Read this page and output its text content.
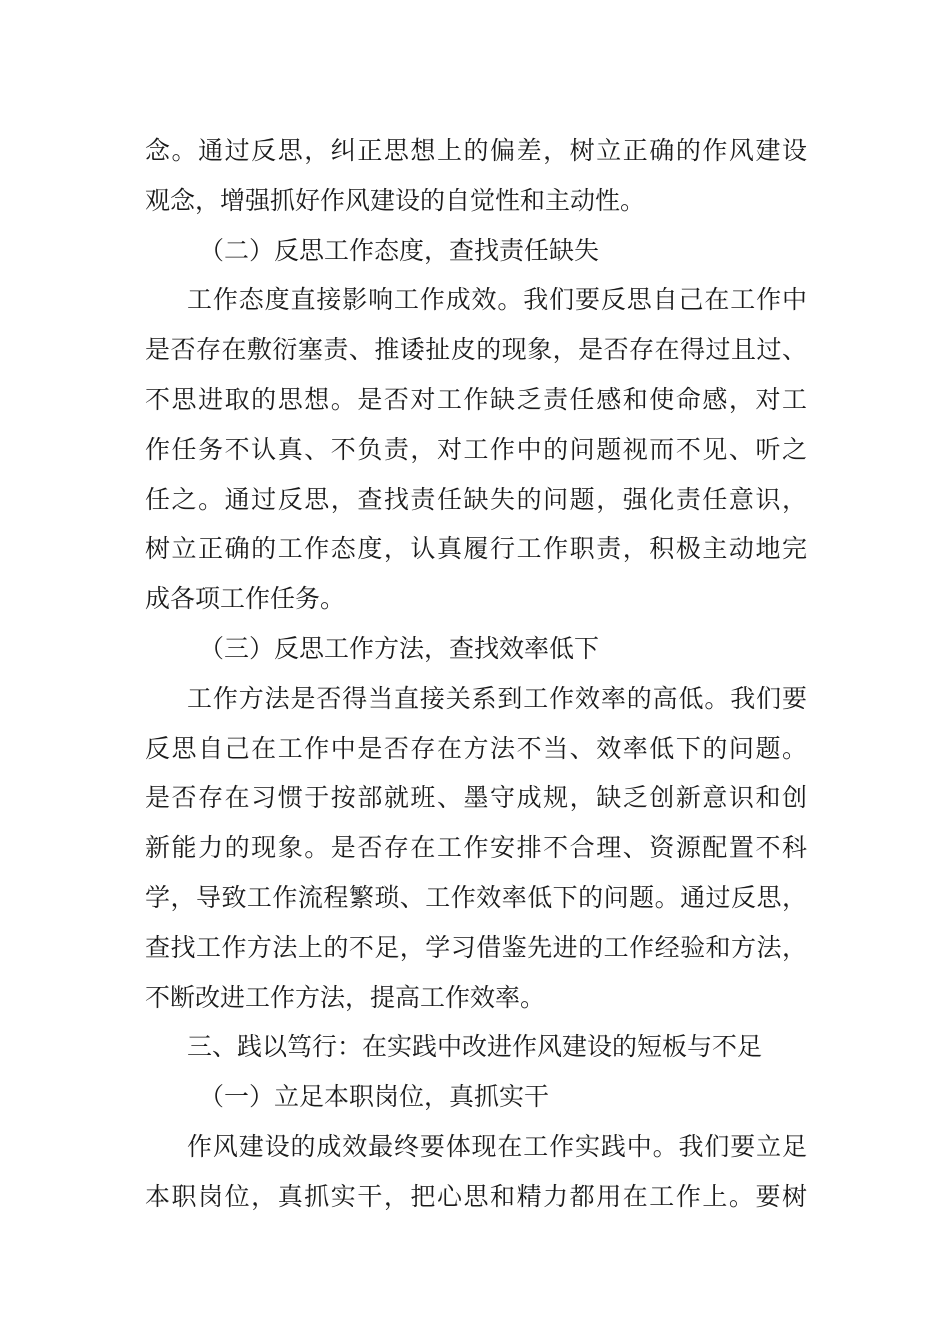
念。通过反思，纠正思想上的偏差，树立正确的作风建设
观念，增强抓好作风建设的自觉性和主动性。
（二）反思工作态度，查找责任缺失
工作态度直接影响工作成效。我们要反思自己在工作中
是否存在敷衍塞责、推诿扯皮的现象，是否存在得过且过、
不思进取的思想。是否对工作缺乏责任感和使命感，对工
作任务不认真、不负责，对工作中的问题视而不见、听之
任之。通过反思，查找责任缺失的问题，强化责任意识，
树立正确的工作态度，认真履行工作职责，积极主动地完
成各项工作任务。
（三）反思工作方法，查找效率低下
工作方法是否得当直接关系到工作效率的高低。我们要
反思自己在工作中是否存在方法不当、效率低下的问题。
是否存在习惯于按部就班、墨守成规，缺乏创新意识和创
新能力的现象。是否存在工作安排不合理、资源配置不科
学，导致工作流程繁琐、工作效率低下的问题。通过反思，
查找工作方法上的不足，学习借鉴先进的工作经验和方法，
不断改进工作方法，提高工作效率。
三、践以笃行：在实践中改进作风建设的短板与不足
（一）立足本职岗位，真抓实干
作风建设的成效最终要体现在工作实践中。我们要立足
本职岗位，真抓实干，把心思和精力都用在工作上。要树
